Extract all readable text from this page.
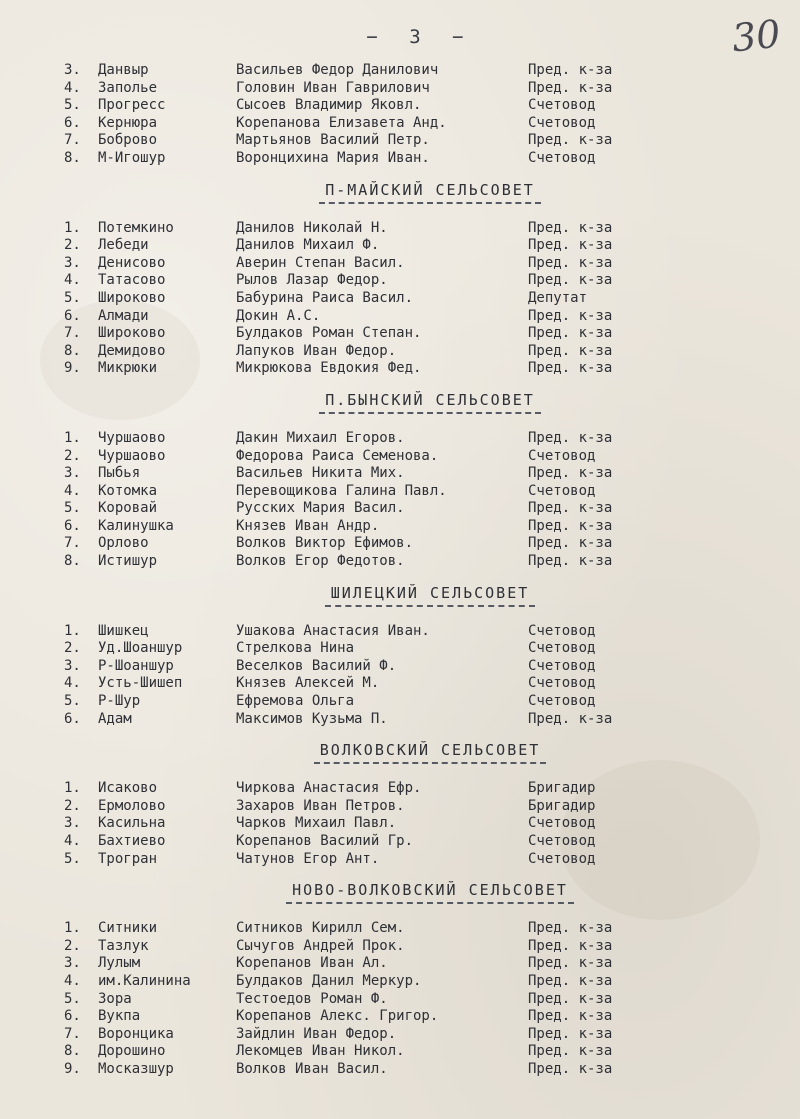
− 3 −	30
3.	Данвыр	Васильев Федор Данилович	Пред. к-за
4.	Заполье	Головин Иван Гаврилович	Пред. к-за
5.	Прогресс	Сысоев Владимир Яковл.	Счетовод
6.	Кернюра	Корепанова Елизавета Анд.	Счетовод
7.	Боброво	Мартьянов Василий Петр.	Пред. к-за
8.	М-Игошур	Воронцихина Мария Иван.	Счетовод
П-МАЙСКИЙ СЕЛЬСОВЕТ
1.	Потемкино	Данилов Николай Н.	Пред. к-за
2.	Лебеди	Данилов Михаил Ф.	Пред. к-за
3.	Денисово	Аверин Степан Васил.	Пред. к-за
4.	Татасово	Рылов Лазар Федор.	Пред. к-за
5.	Широково	Бабурина Раиса Васил.	Депутат
6.	Алмади	Докин А.С.	Пред. к-за
7.	Широково	Булдаков Роман Степан.	Пред. к-за
8.	Демидово	Лапуков Иван Федор.	Пред. к-за
9.	Микрюки	Микрюкова Евдокия Фед.	Пред. к-за
П.БЫНСКИЙ СЕЛЬСОВЕТ
1.	Чуршаово	Дакин Михаил Егоров.	Пред. к-за
2.	Чуршаово	Федорова Раиса Семенова.	Счетовод
3.	Пыбья	Васильев Никита Мих.	Пред. к-за
4.	Котомка	Перевощикова Галина Павл.	Счетовод
5.	Коровай	Русских Мария Васил.	Пред. к-за
6.	Калинушка	Князев Иван Андр.	Пред. к-за
7.	Орлово	Волков Виктор Ефимов.	Пред. к-за
8.	Истишур	Волков Егор Федотов.	Пред. к-за
ШИЛЕЦКИЙ СЕЛЬСОВЕТ
1.	Шишкец	Ушакова Анастасия Иван.	Счетовод
2.	Уд.Шоаншур	Стрелкова Нина	Счетовод
3.	Р-Шоаншур	Веселков Василий Ф.	Счетовод
4.	Усть-Шишеп	Князев Алексей М.	Счетовод
5.	Р-Шур	Ефремова Ольга	Счетовод
6.	Адам	Максимов Кузьма П.	Пред. к-за
ВОЛКОВСКИЙ СЕЛЬСОВЕТ
1.	Исаково	Чиркова Анастасия Ефр.	Бригадир
2.	Ермолово	Захаров Иван Петров.	Бригадир
3.	Касильна	Чарков Михаил Павл.	Счетовод
4.	Бахтиево	Корепанов Василий Гр.	Счетовод
5.	Трогран	Чатунов Егор Ант.	Счетовод
НОВО-ВОЛКОВСКИЙ СЕЛЬСОВЕТ
1.	Ситники	Ситников Кирилл Сем.	Пред. к-за
2.	Тазлук	Сычугов Андрей Прок.	Пред. к-за
3.	Лулым	Корепанов Иван Ал.	Пред. к-за
4.	им.Калинина	Булдаков Данил Меркур.	Пред. к-за
5.	Зора	Тестоедов Роман Ф.	Пред. к-за
6.	Вукпа	Корепанов Алекс. Григор.	Пред. к-за
7.	Воронцика	Зайдлин Иван Федор.	Пред. к-за
8.	Дорошино	Лекомцев Иван Никол.	Пред. к-за
9.	Москазшур	Волков Иван Васил.	Пред. к-за
